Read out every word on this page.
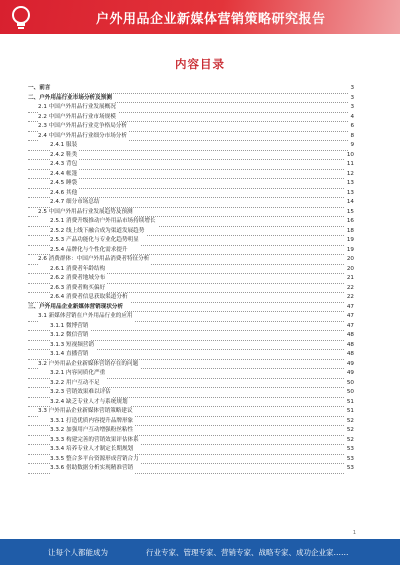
户外用品企业新媒体营销策略研究报告
内容目录
一、前言	3
二、户外用品行业市场分析及预测	3
2.1 中国户外用品行业发展概况	3
2.2 中国户外用品行业市场规模	4
2.3 中国户外用品行业竞争格局分析	6
2.4 中国户外用品行业细分市场分析	8
2.4.1 服装	9
2.4.2 鞋类	10
2.4.3 背包	11
2.4.4 帐篷	12
2.4.5 睡袋	13
2.4.6 其他	13
2.4.7 细分市场总结	14
2.5 中国户外用品行业发展趋势及预测	15
2.5.1 消费升级推动户外用品市场持续增长	16
2.5.2 线上线下融合成为渠道发展趋势	18
2.5.3 产品功能化与专业化趋势明显	19
2.5.4 品牌化与个性化需求提升	19
2.6 消费群体：中国户外用品消费者特征分析	20
2.6.1 消费者年龄结构	20
2.6.2 消费者地域分布	21
2.6.3 消费者购买偏好	22
2.6.4 消费者信息获取渠道分析	22
三、户外用品企业新媒体营销现状分析	47
3.1 新媒体营销在户外用品行业的应用	47
3.1.1 微博营销	47
3.1.2 微信营销	48
3.1.3 短视频营销	48
3.1.4 直播营销	48
3.2 户外用品企业新媒体营销存在的问题	49
3.2.1 内容同质化严重	49
3.2.2 用户互动不足	50
3.2.3 营销效果难以评估	50
3.2.4 缺乏专业人才与系统规划	51
3.3 户外用品企业新媒体营销策略建议	51
3.3.1 打造优质内容提升品牌形象	52
3.3.2 加强用户互动增强粉丝粘性	52
3.3.3 构建完善的营销效果评估体系	52
3.3.4 培养专业人才制定长期规划	53
3.3.5 整合多平台资源形成营销合力	53
3.3.6 借助数据分析实现精准营销	53
1
让每个人都能成为	行业专家、管理专家、营销专家、战略专家、成功企业家……
